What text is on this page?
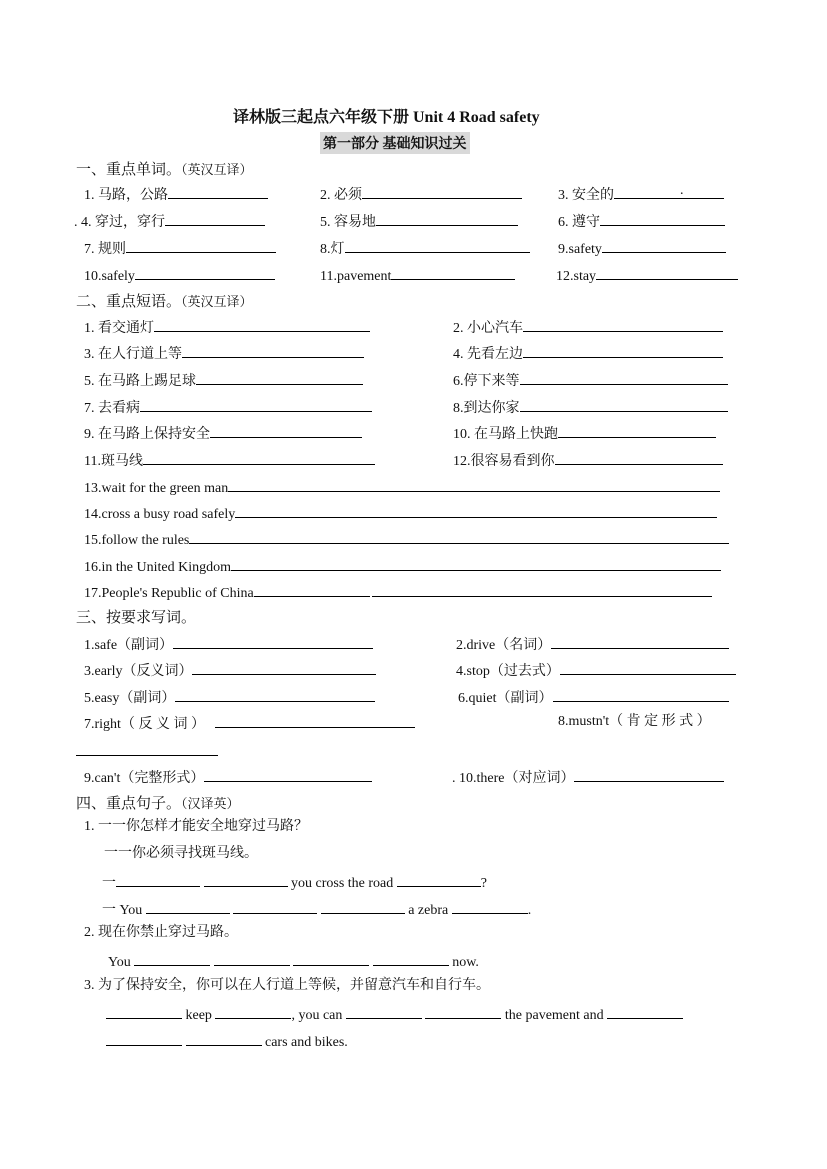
译林版三起点六年级下册 Unit 4 Road safety
第一部分 基础知识过关
一、重点单词。（英汉互译）
1. 马路，公路	2. 必须	3. 安全的	.
. 4. 穿过，穿行	5. 容易地	6. 遵守
7. 规则	8.灯	9.safety
10.safely	11.pavement	12.stay
二、重点短语。（英汉互译）
1. 看交通灯	2. 小心汽车
3. 在人行道上等	4. 先看左边
5. 在马路上踢足球	6.停下来等
7. 去看病	8.到达你家
9. 在马路上保持安全	10. 在马路上快跑
11.斑马线	12.很容易看到你
13.wait for the green man
14.cross a busy road safely
15.follow the rules
16.in the United Kingdom
17.People's Republic of China
三、按要求写词。
1.safe（副词）	2.drive（名词）
3.early（反义词）	4.stop（过去式）
5.easy（副词）	6.quiet（副词）
7.right（ 反 义 词 ）	8.mustn't（ 肯 定 形 式 ）
9.can't（完整形式）	. 10.there（对应词）
四、重点句子。（汉译英）
1. 一一你怎样才能安全地穿过马路？
一一你必须寻找斑马线。
一	you cross the road	?
一 You	a zebra	.
2. 现在你禁止穿过马路。
You	now.
3. 为了保持安全，你可以在人行道上等候，并留意汽车和自行车。
keep	, you can	the pavement and
cars and bikes.
